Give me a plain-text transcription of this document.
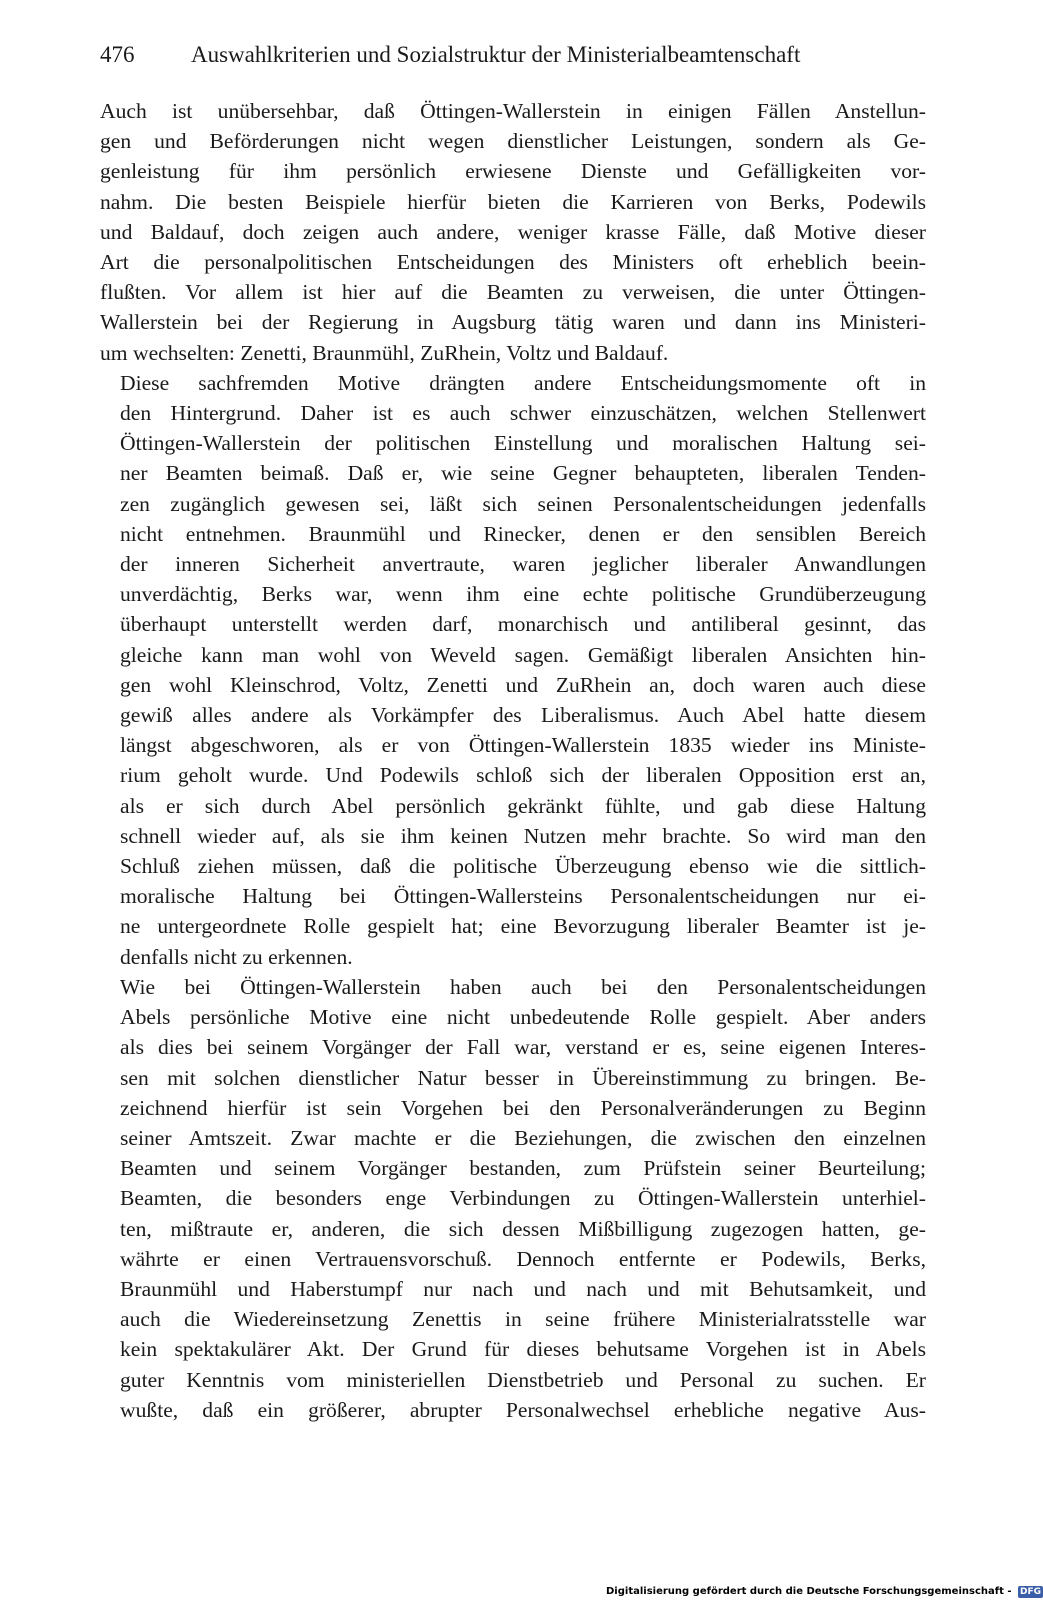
476 Auswahlkriterien und Sozialstruktur der Ministerialbeamtenschaft
Auch ist unübersehbar, daß Öttingen-Wallerstein in einigen Fällen Anstellun-
gen und Beförderungen nicht wegen dienstlicher Leistungen, sondern als Ge-
genleistung für ihm persönlich erwiesene Dienste und Gefälligkeiten vor-
nahm. Die besten Beispiele hierfür bieten die Karrieren von Berks, Podewils
und Baldauf, doch zeigen auch andere, weniger krasse Fälle, daß Motive dieser
Art die personalpolitischen Entscheidungen des Ministers oft erheblich beein-
flußten. Vor allem ist hier auf die Beamten zu verweisen, die unter Öttingen-
Wallerstein bei der Regierung in Augsburg tätig waren und dann ins Ministeri-
um wechselten: Zenetti, Braunmühl, ZuRhein, Voltz und Baldauf.
Diese sachfremden Motive drängten andere Entscheidungsmomente oft in
den Hintergrund. Daher ist es auch schwer einzuschätzen, welchen Stellenwert
Öttingen-Wallerstein der politischen Einstellung und moralischen Haltung sei-
ner Beamten beimaß. Daß er, wie seine Gegner behaupteten, liberalen Tenden-
zen zugänglich gewesen sei, läßt sich seinen Personalentscheidungen jedenfalls
nicht entnehmen. Braunmühl und Rinecker, denen er den sensiblen Bereich
der inneren Sicherheit anvertraute, waren jeglicher liberaler Anwandlungen
unverdächtig, Berks war, wenn ihm eine echte politische Grundüberzeugung
überhaupt unterstellt werden darf, monarchisch und antiliberal gesinnt, das
gleiche kann man wohl von Weveld sagen. Gemäßigt liberalen Ansichten hin-
gen wohl Kleinschrod, Voltz, Zenetti und ZuRhein an, doch waren auch diese
gewiß alles andere als Vorkämpfer des Liberalismus. Auch Abel hatte diesem
längst abgeschworen, als er von Öttingen-Wallerstein 1835 wieder ins Ministe-
rium geholt wurde. Und Podewils schloß sich der liberalen Opposition erst an,
als er sich durch Abel persönlich gekränkt fühlte, und gab diese Haltung
schnell wieder auf, als sie ihm keinen Nutzen mehr brachte. So wird man den
Schluß ziehen müssen, daß die politische Überzeugung ebenso wie die sittlich-
moralische Haltung bei Öttingen-Wallersteins Personalentscheidungen nur ei-
ne untergeordnete Rolle gespielt hat; eine Bevorzugung liberaler Beamter ist je-
denfalls nicht zu erkennen.
Wie bei Öttingen-Wallerstein haben auch bei den Personalentscheidungen
Abels persönliche Motive eine nicht unbedeutende Rolle gespielt. Aber anders
als dies bei seinem Vorgänger der Fall war, verstand er es, seine eigenen Interes-
sen mit solchen dienstlicher Natur besser in Übereinstimmung zu bringen. Be-
zeichnend hierfür ist sein Vorgehen bei den Personalveränderungen zu Beginn
seiner Amtszeit. Zwar machte er die Beziehungen, die zwischen den einzelnen
Beamten und seinem Vorgänger bestanden, zum Prüfstein seiner Beurteilung;
Beamten, die besonders enge Verbindungen zu Öttingen-Wallerstein unterhiel-
ten, mißtraute er, anderen, die sich dessen Mißbilligung zugezogen hatten, ge-
währte er einen Vertrauensvorschuß. Dennoch entfernte er Podewils, Berks,
Braunmühl und Haberstumpf nur nach und nach und mit Behutsamkeit, und
auch die Wiedereinsetzung Zenettis in seine frühere Ministerialratsstelle war
kein spektakulärer Akt. Der Grund für dieses behutsame Vorgehen ist in Abels
guter Kenntnis vom ministeriellen Dienstbetrieb und Personal zu suchen. Er
wußte, daß ein größerer, abrupter Personalwechsel erhebliche negative Aus-
Digitalisierung gefördert durch die Deutsche Forschungsgemeinschaft - DFG
